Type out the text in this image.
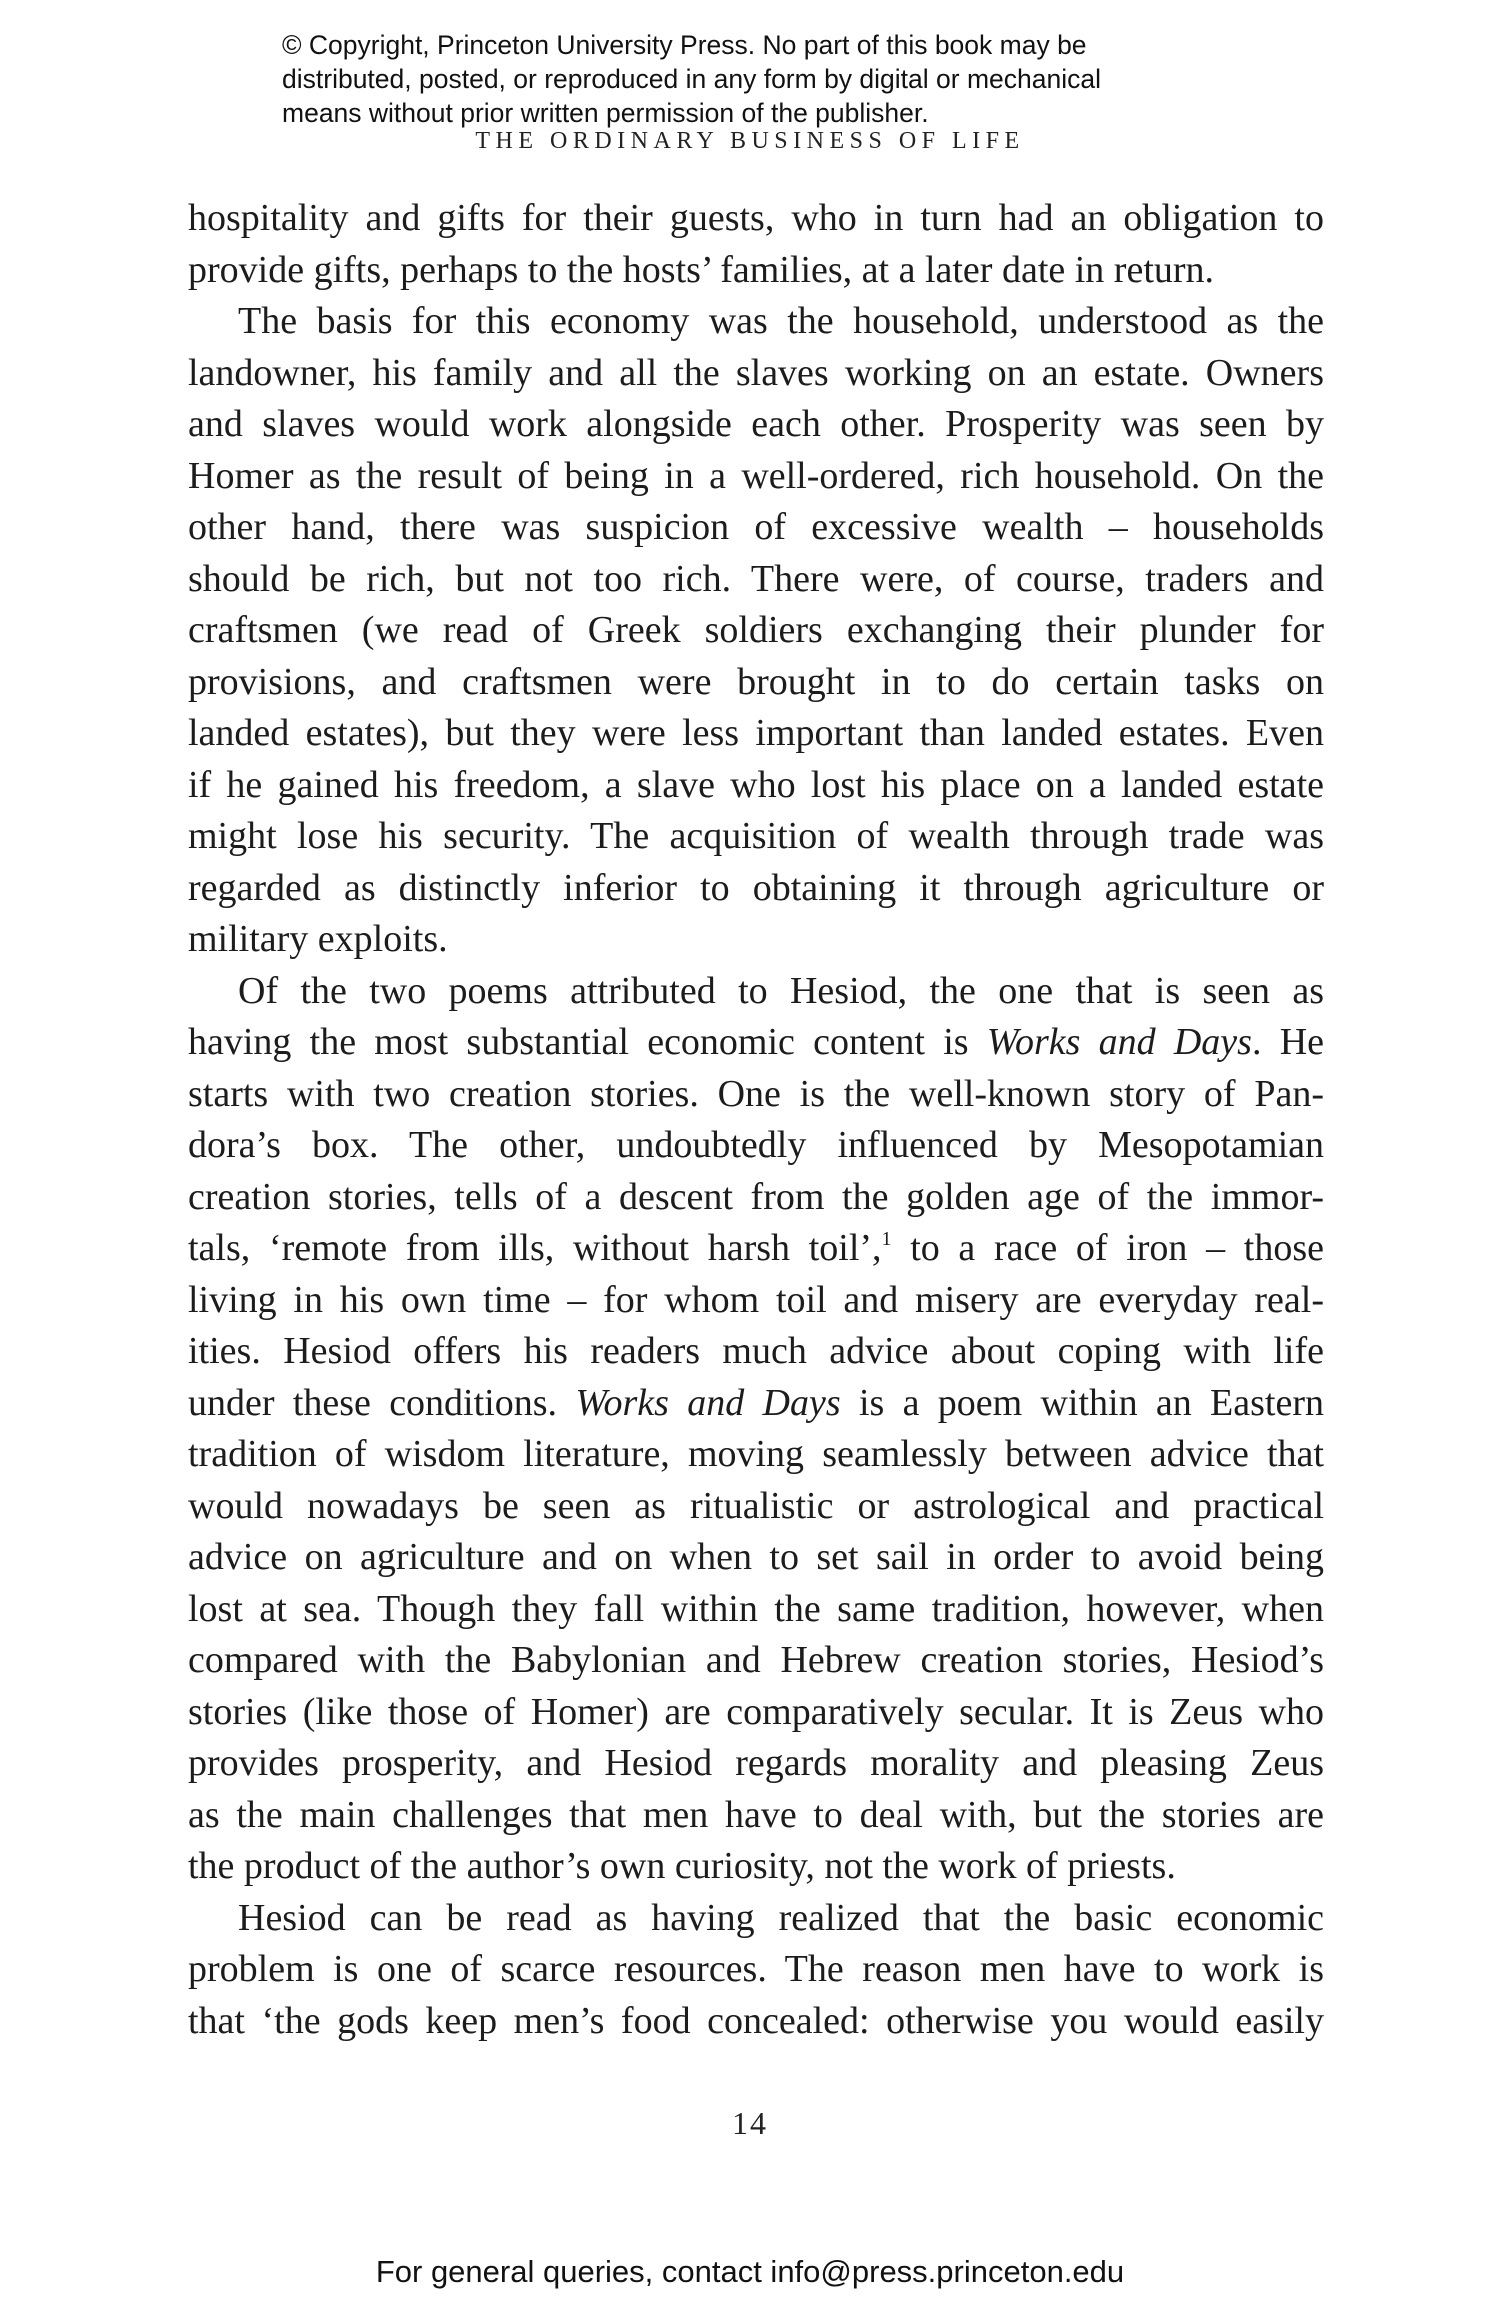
© Copyright, Princeton University Press. No part of this book may be
distributed, posted, or reproduced in any form by digital or mechanical
means without prior written permission of the publisher.
THE ORDINARY BUSINESS OF LIFE
hospitality and gifts for their guests, who in turn had an obligation to
provide gifts, perhaps to the hosts’ families, at a later date in return.
The basis for this economy was the household, understood as the
landowner, his family and all the slaves working on an estate. Owners
and slaves would work alongside each other. Prosperity was seen by
Homer as the result of being in a well-ordered, rich household. On the
other hand, there was suspicion of excessive wealth – households
should be rich, but not too rich. There were, of course, traders and
craftsmen (we read of Greek soldiers exchanging their plunder for
provisions, and craftsmen were brought in to do certain tasks on
landed estates), but they were less important than landed estates. Even
if he gained his freedom, a slave who lost his place on a landed estate
might lose his security. The acquisition of wealth through trade was
regarded as distinctly inferior to obtaining it through agriculture or
military exploits.
Of the two poems attributed to Hesiod, the one that is seen as
having the most substantial economic content is Works and Days. He
starts with two creation stories. One is the well-known story of Pan-
dora’s box. The other, undoubtedly influenced by Mesopotamian
creation stories, tells of a descent from the golden age of the immor-
tals, ‘remote from ills, without harsh toil’,$^1$ to a race of iron – those
living in his own time – for whom toil and misery are everyday real-
ities. Hesiod offers his readers much advice about coping with life
under these conditions. Works and Days is a poem within an Eastern
tradition of wisdom literature, moving seamlessly between advice that
would nowadays be seen as ritualistic or astrological and practical
advice on agriculture and on when to set sail in order to avoid being
lost at sea. Though they fall within the same tradition, however, when
compared with the Babylonian and Hebrew creation stories, Hesiod’s
stories (like those of Homer) are comparatively secular. It is Zeus who
provides prosperity, and Hesiod regards morality and pleasing Zeus
as the main challenges that men have to deal with, but the stories are
the product of the author’s own curiosity, not the work of priests.
Hesiod can be read as having realized that the basic economic
problem is one of scarce resources. The reason men have to work is
that ‘the gods keep men’s food concealed: otherwise you would easily
14
For general queries, contact info@press.princeton.edu
